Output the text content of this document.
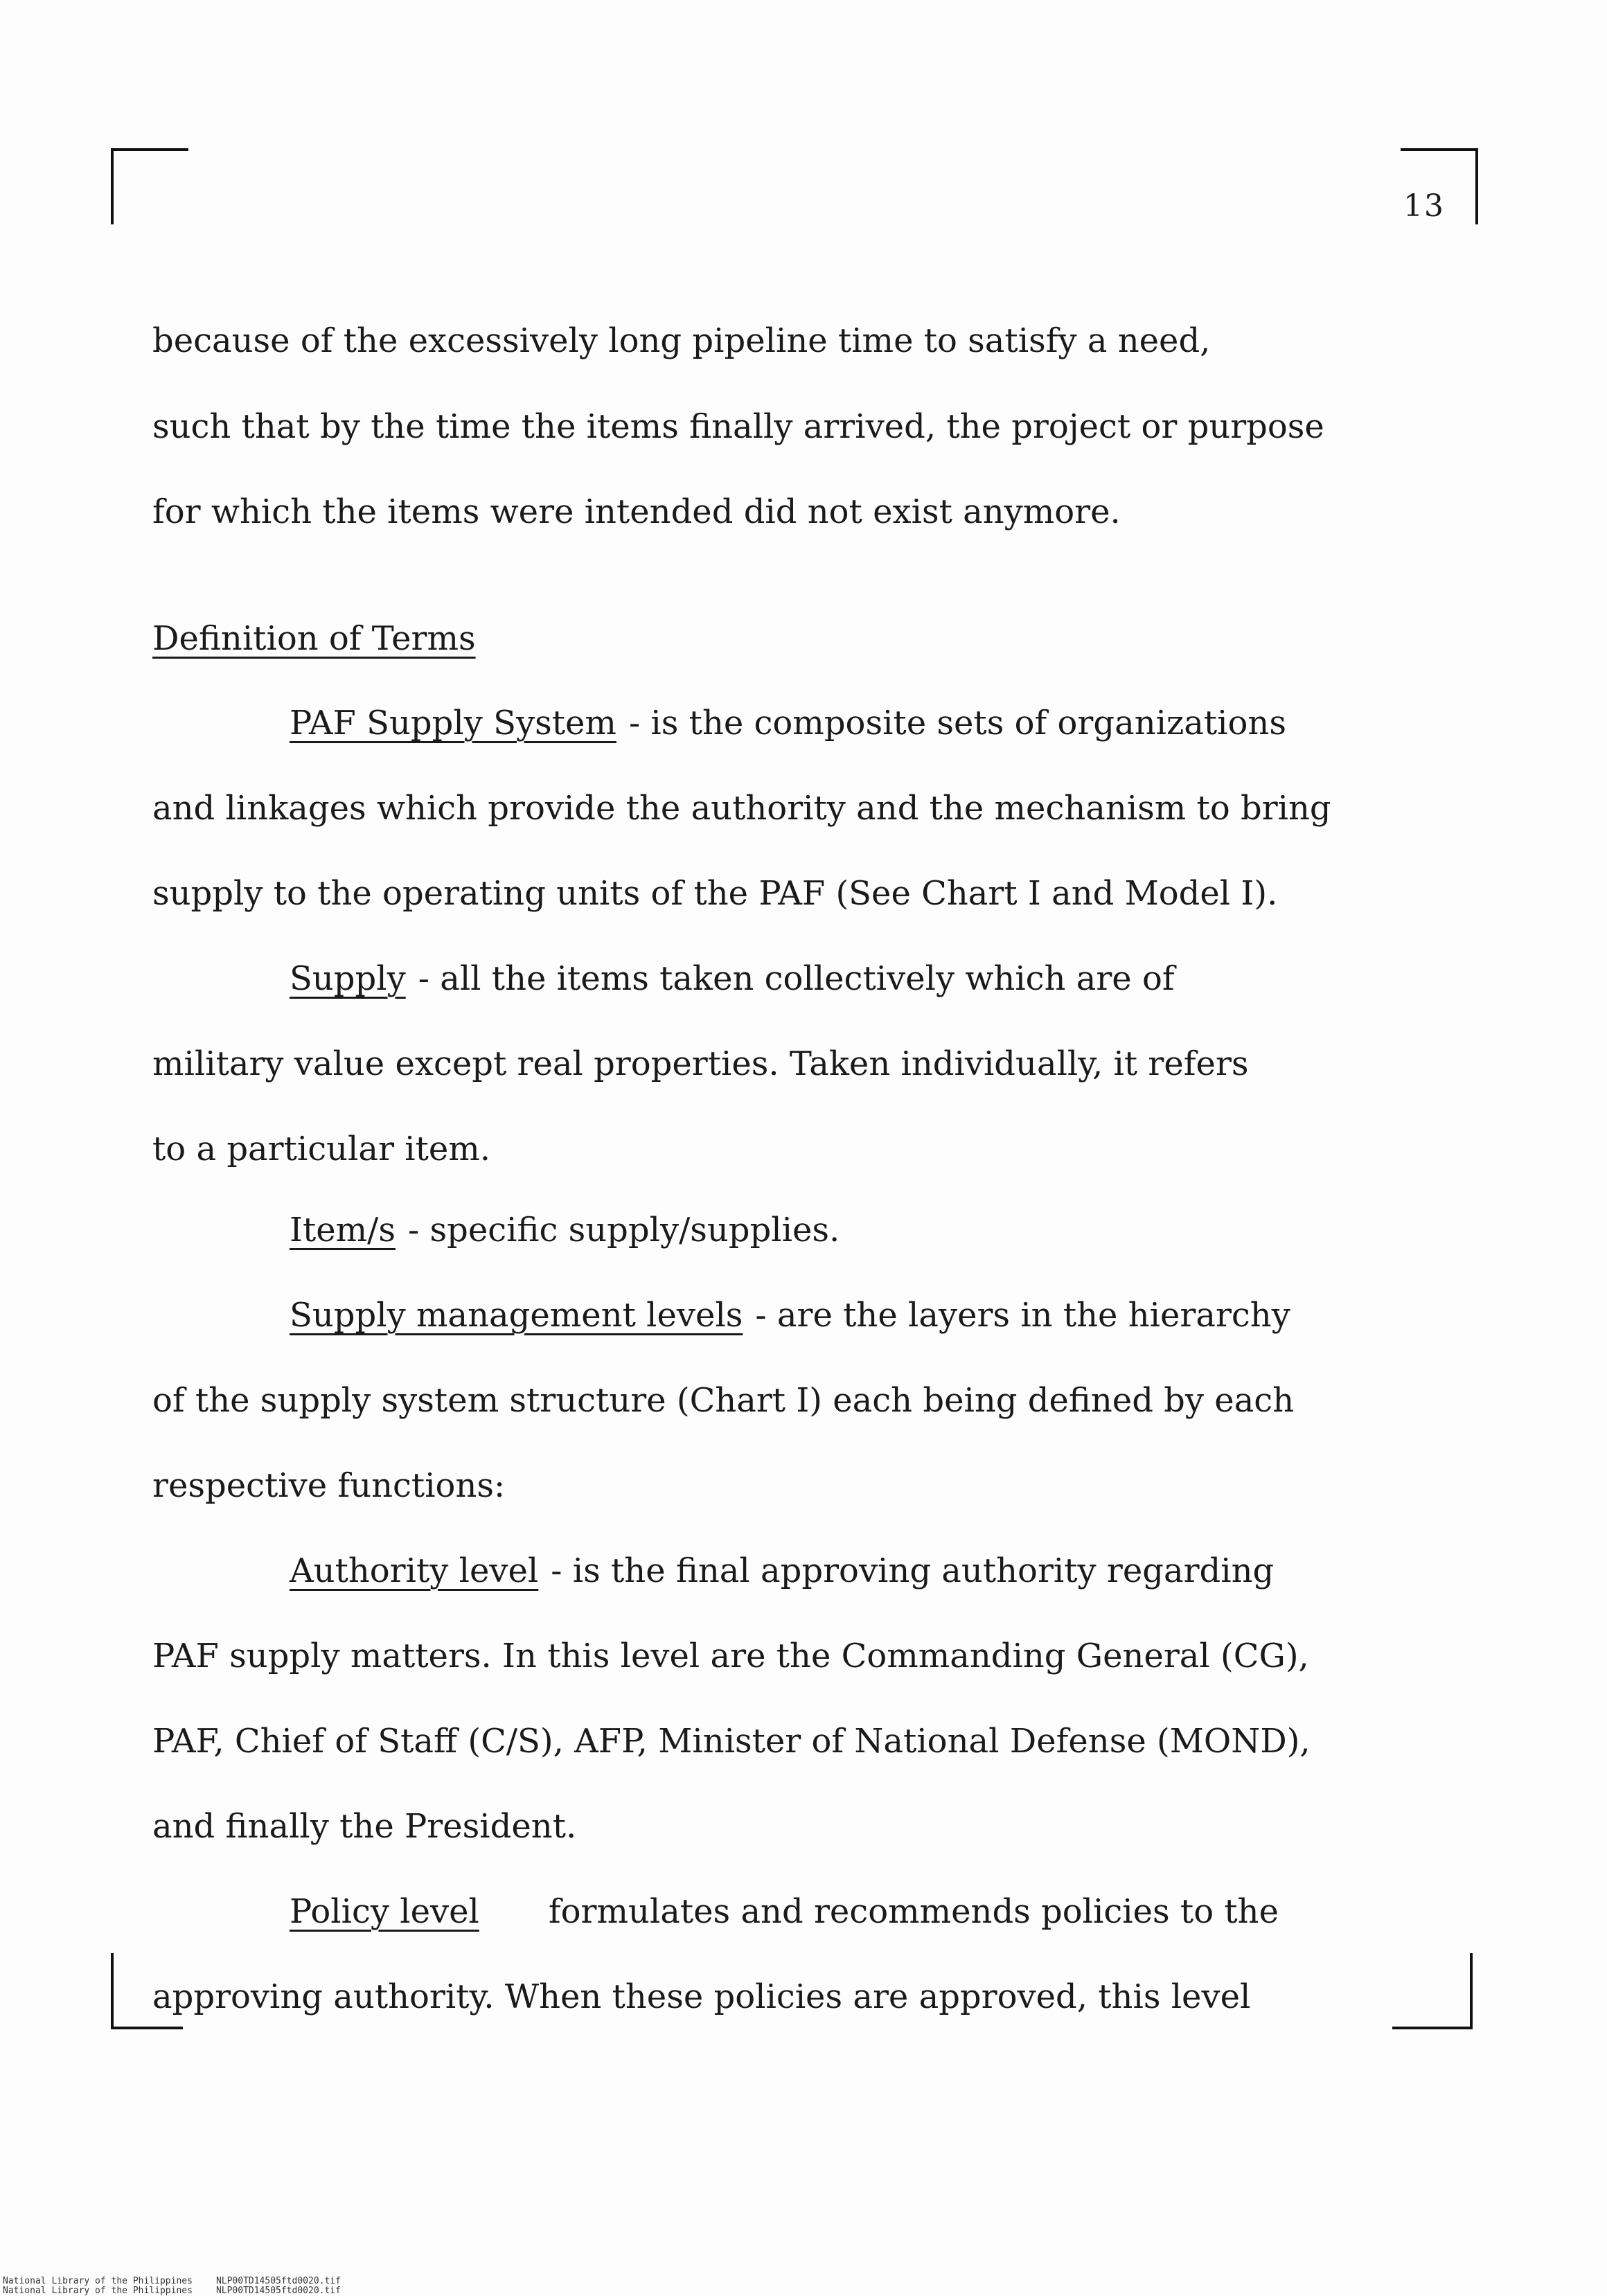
13
because of the excessively long pipeline time to satisfy a need,
such that by the time the items finally arrived, the project or purpose
for which the items were intended did not exist anymore.
Definition of Terms
PAF Supply System - is the composite sets of organizations
and linkages which provide the authority and the mechanism to bring
supply to the operating units of the PAF (See Chart I and Model I).
Supply - all the items taken collectively which are of
military value except real properties. Taken individually, it refers
to a particular item.
Item/s - specific supply/supplies.
Supply management levels - are the layers in the hierarchy
of the supply system structure (Chart I) each being defined by each
respective functions:
Authority level - is the final approving authority regarding
PAF supply matters. In this level are the Commanding General (CG),
PAF, Chief of Staff (C/S), AFP, Minister of National Defense (MOND),
and finally the President.
Policy level formulates and recommends policies to the
approving authority. When these policies are approved, this level
National Library of the Philippines	NLP00TD14505ftd0020.tif
National Library of the Philippines	NLP00TD14505ftd0020.tif
